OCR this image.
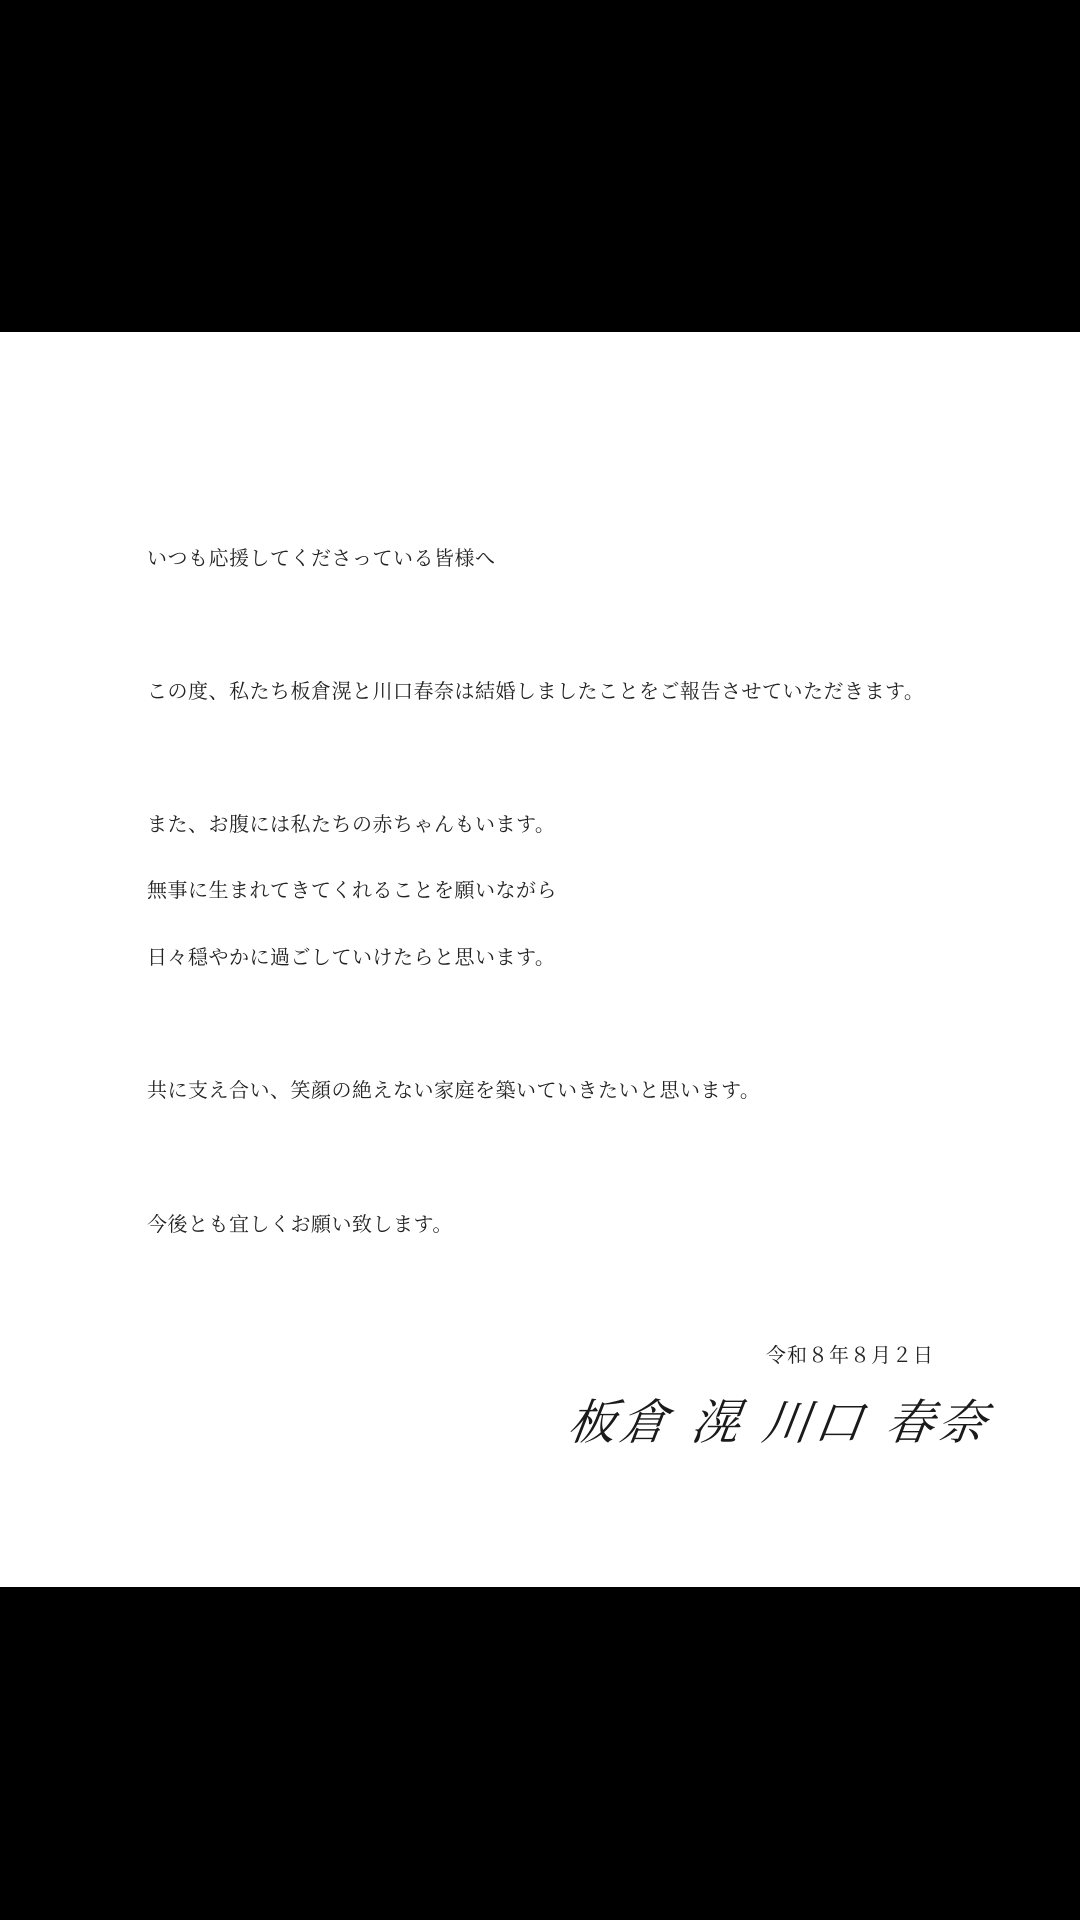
いつも応援してくださっている皆様へ
この度、私たち板倉滉と川口春奈は結婚しましたことをご報告させていただきます。
また、お腹には私たちの赤ちゃんもいます。
無事に生まれてきてくれることを願いながら
日々穏やかに過ごしていけたらと思います。
共に支え合い、笑顔の絶えない家庭を築いていきたいと思います。
今後とも宜しくお願い致します。
令和８年８月２日
板倉 滉 川口 春奈
